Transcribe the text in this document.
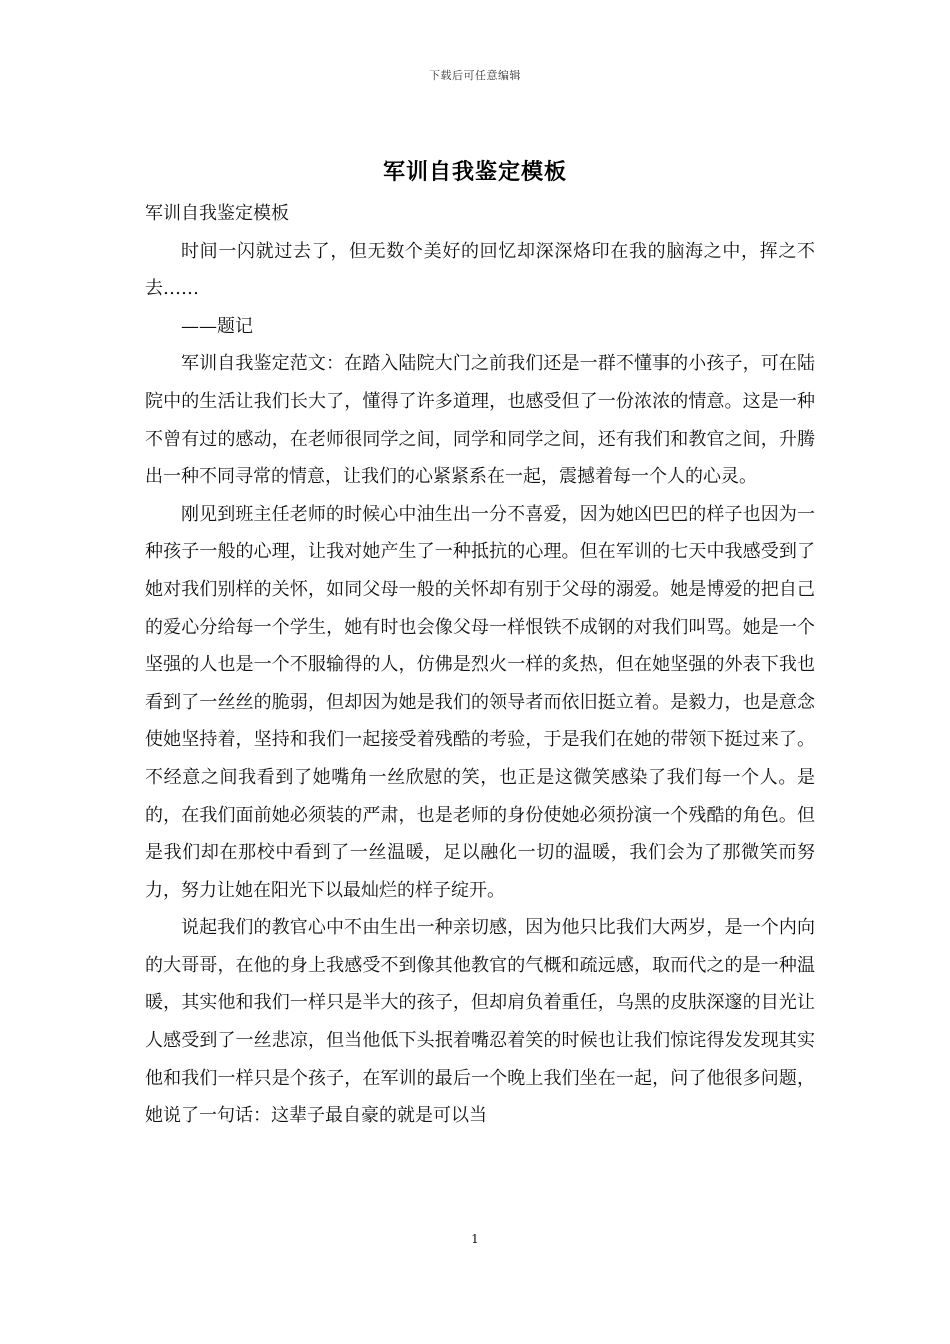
下载后可任意编辑
军训自我鉴定模板

军训自我鉴定模板

时间一闪就过去了，但无数个美好的回忆却深深烙印在我的脑海之中，挥之不去……

——题记

军训自我鉴定范文：在踏入陆院大门之前我们还是一群不懂事的小孩子，可在陆院中的生活让我们长大了，懂得了许多道理，也感受但了一份浓浓的情意。这是一种不曾有过的感动，在老师很同学之间，同学和同学之间，还有我们和教官之间，升腾出一种不同寻常的情意，让我们的心紧紧系在一起，震撼着每一个人的心灵。

刚见到班主任老师的时候心中油生出一分不喜爱，因为她凶巴巴的样子也因为一种孩子一般的心理，让我对她产生了一种抵抗的心理。但在军训的七天中我感受到了她对我们别样的关怀，如同父母一般的关怀却有别于父母的溺爱。她是博爱的把自己的爱心分给每一个学生，她有时也会像父母一样恨铁不成钢的对我们叫骂。她是一个坚强的人也是一个不服输得的人，仿佛是烈火一样的炙热，但在她坚强的外表下我也看到了一丝丝的脆弱，但却因为她是我们的领导者而依旧挺立着。是毅力，也是意念使她坚持着，坚持和我们一起接受着残酷的考验，于是我们在她的带领下挺过来了。不经意之间我看到了她嘴角一丝欣慰的笑，也正是这微笑感染了我们每一个人。是的，在我们面前她必须装的严肃，也是老师的身份使她必须扮演一个残酷的角色。但是我们却在那校中看到了一丝温暖，足以融化一切的温暖，我们会为了那微笑而努力，努力让她在阳光下以最灿烂的样子绽开。

说起我们的教官心中不由生出一种亲切感，因为他只比我们大两岁，是一个内向的大哥哥，在他的身上我感受不到像其他教官的气概和疏远感，取而代之的是一种温暖，其实他和我们一样只是半大的孩子，但却肩负着重任，乌黑的皮肤深邃的目光让人感受到了一丝悲凉，但当他低下头抿着嘴忍着笑的时候也让我们惊诧得发发现其实他和我们一样只是个孩子，在军训的最后一个晚上我们坐在一起，问了他很多问题，她说了一句话：这辈子最自豪的就是可以当

1
